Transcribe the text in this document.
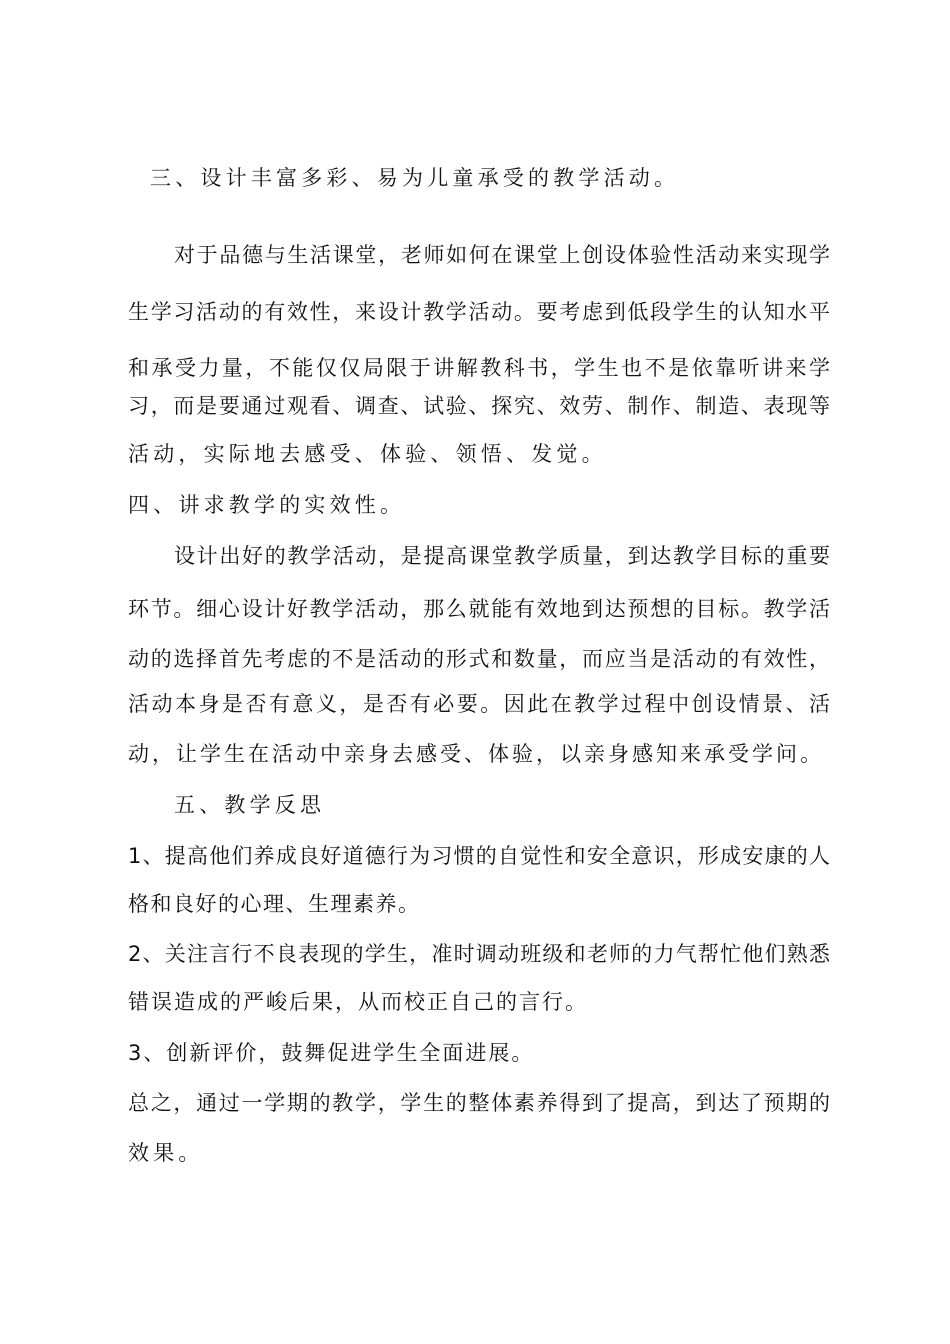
三、设计丰富多彩、易为儿童承受的教学活动。
对于品德与生活课堂，老师如何在课堂上创设体验性活动来实现学
生学习活动的有效性，来设计教学活动。要考虑到低段学生的认知水平
和承受力量，不能仅仅局限于讲解教科书，学生也不是依靠听讲来学
习，而是要通过观看、调查、试验、探究、效劳、制作、制造、表现等
活动，实际地去感受、体验、领悟、发觉。
四、讲求教学的实效性。
设计出好的教学活动，是提高课堂教学质量，到达教学目标的重要
环节。细心设计好教学活动，那么就能有效地到达预想的目标。教学活
动的选择首先考虑的不是活动的形式和数量，而应当是活动的有效性，
活动本身是否有意义，是否有必要。因此在教学过程中创设情景、活
动，让学生在活动中亲身去感受、体验，以亲身感知来承受学问。
五、教学反思
1、提高他们养成良好道德行为习惯的自觉性和安全意识，形成安康的人
格和良好的心理、生理素养。
2、关注言行不良表现的学生，准时调动班级和老师的力气帮忙他们熟悉
错误造成的严峻后果，从而校正自己的言行。
3、创新评价，鼓舞促进学生全面进展。
总之，通过一学期的教学，学生的整体素养得到了提高，到达了预期的
效果。
